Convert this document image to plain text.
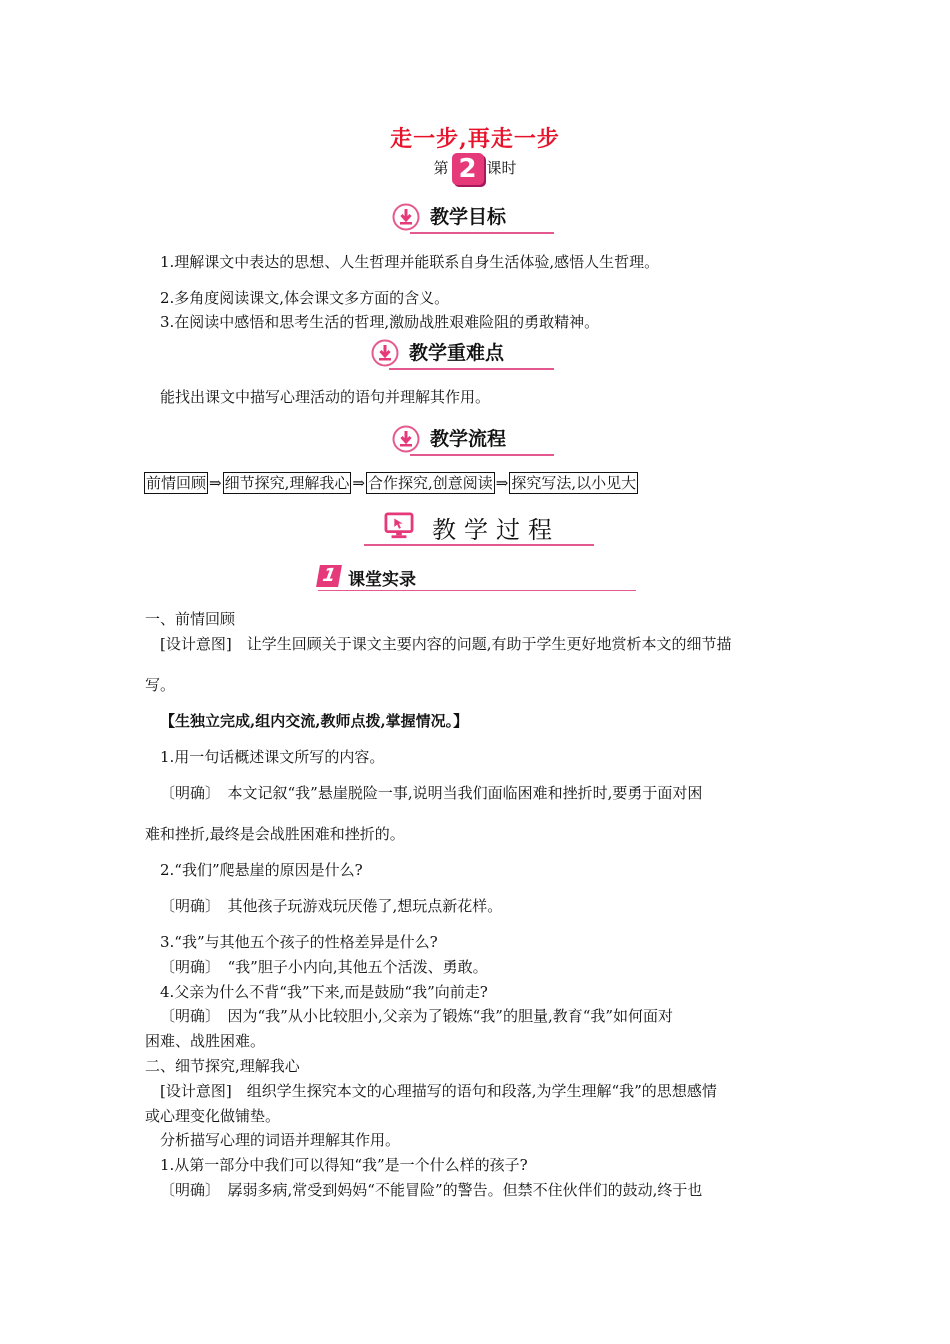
走一步,再走一步
第 2 课时
教学目标
1.理解课文中表达的思想、人生哲理并能联系自身生活体验,感悟人生哲理。
2.多角度阅读课文,体会课文多方面的含义。
3.在阅读中感悟和思考生活的哲理,激励战胜艰难险阻的勇敢精神。
教学重难点
能找出课文中描写心理活动的语句并理解其作用。
教学流程
前情回顾 ⇒ 细节探究,理解我心 ⇒ 合作探究,创意阅读 ⇒ 探究写法,以小见大
教学过程
1 课堂实录
一、前情回顾
[设计意图]　让学生回顾关于课文主要内容的问题,有助于学生更好地赏析本文的细节描
写。
【生独立完成,组内交流,教师点拨,掌握情况。】
1.用一句话概述课文所写的内容。
〔明确〕　本文记叙“我”悬崖脱险一事,说明当我们面临困难和挫折时,要勇于面对困
难和挫折,最终是会战胜困难和挫折的。
2.“我们”爬悬崖的原因是什么?
〔明确〕　其他孩子玩游戏玩厌倦了,想玩点新花样。
3.“我”与其他五个孩子的性格差异是什么?
〔明确〕　“我”胆子小内向,其他五个活泼、勇敢。
4.父亲为什么不背“我”下来,而是鼓励“我”向前走?
〔明确〕　因为“我”从小比较胆小,父亲为了锻炼“我”的胆量,教育“我”如何面对
困难、战胜困难。
二、细节探究,理解我心
[设计意图]　组织学生探究本文的心理描写的语句和段落,为学生理解“我”的思想感情
或心理变化做铺垫。
分析描写心理的词语并理解其作用。
1.从第一部分中我们可以得知“我”是一个什么样的孩子?
〔明确〕　孱弱多病,常受到妈妈“不能冒险”的警告。但禁不住伙伴们的鼓动,终于也
